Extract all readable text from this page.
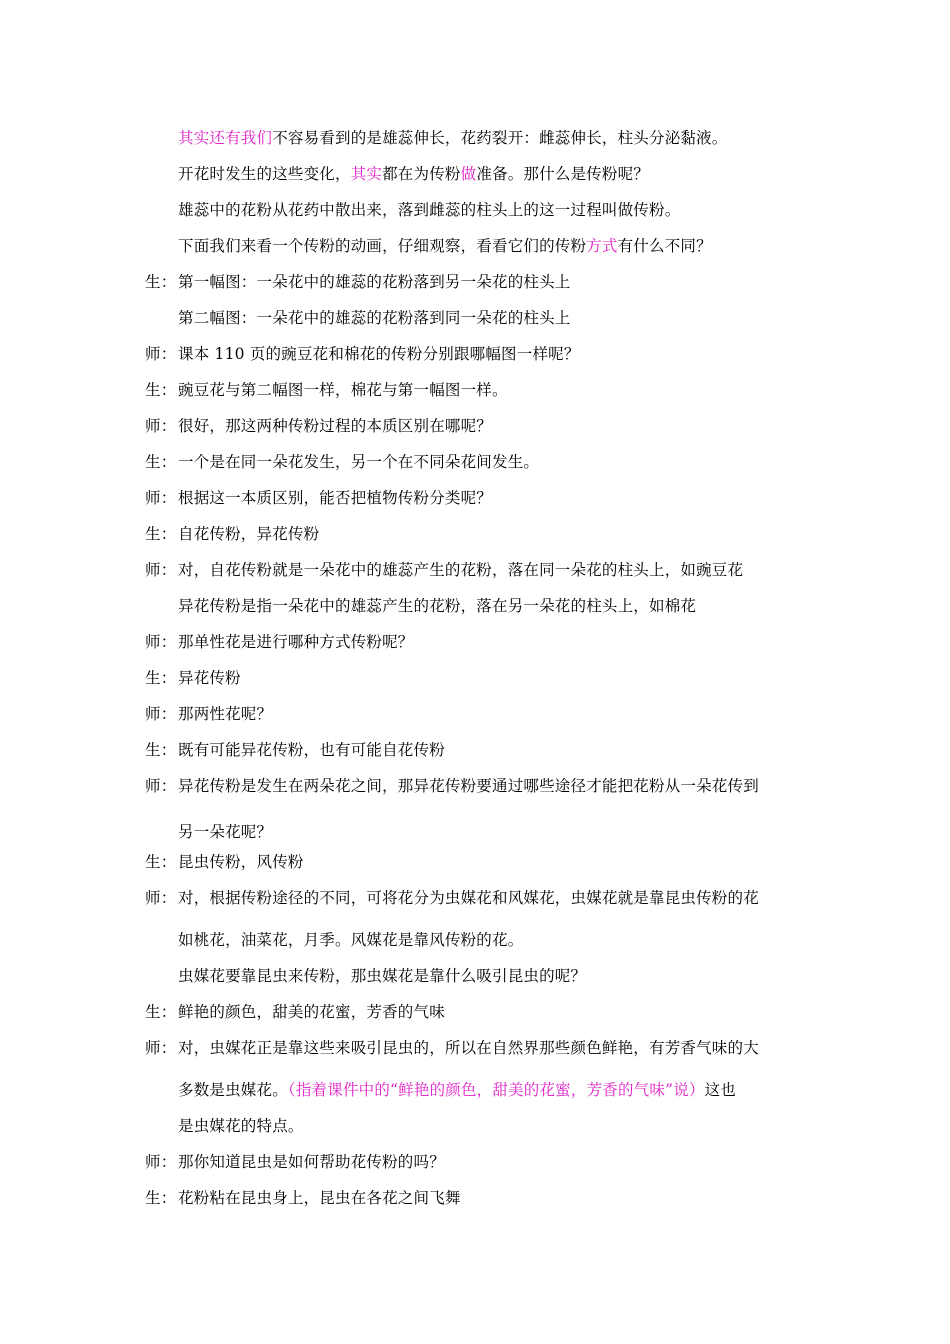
其实还有我们不容易看到的是雄蕊伸长，花药裂开：雌蕊伸长，柱头分泌黏液。
开花时发生的这些变化，其实都在为传粉做准备。那什么是传粉呢？
雄蕊中的花粉从花药中散出来，落到雌蕊的柱头上的这一过程叫做传粉。
下面我们来看一个传粉的动画，仔细观察，看看它们的传粉方式有什么不同？
生： 第一幅图：一朵花中的雄蕊的花粉落到另一朵花的柱头上
第二幅图：一朵花中的雄蕊的花粉落到同一朵花的柱头上
师： 课本 110 页的豌豆花和棉花的传粉分别跟哪幅图一样呢？
生： 豌豆花与第二幅图一样，棉花与第一幅图一样。
师： 很好，那这两种传粉过程的本质区别在哪呢？
生： 一个是在同一朵花发生，另一个在不同朵花间发生。
师： 根据这一本质区别，能否把植物传粉分类呢？
生： 自花传粉，异花传粉
师： 对，自花传粉就是一朵花中的雄蕊产生的花粉，落在同一朵花的柱头上，如豌豆花
异花传粉是指一朵花中的雄蕊产生的花粉，落在另一朵花的柱头上，如棉花
师： 那单性花是进行哪种方式传粉呢？
生： 异花传粉
师： 那两性花呢？
生： 既有可能异花传粉，也有可能自花传粉
师： 异花传粉是发生在两朵花之间，那异花传粉要通过哪些途径才能把花粉从一朵花传到
另一朵花呢？
生： 昆虫传粉，风传粉
师： 对，根据传粉途径的不同，可将花分为虫媒花和风媒花，虫媒花就是靠昆虫传粉的花
如桃花，油菜花，月季。风媒花是靠风传粉的花。
虫媒花要靠昆虫来传粉，那虫媒花是靠什么吸引昆虫的呢？
生： 鲜艳的颜色，甜美的花蜜，芳香的气味
师： 对，虫媒花正是靠这些来吸引昆虫的，所以在自然界那些颜色鲜艳，有芳香气味的大
多数是虫媒花。（指着课件中的“鲜艳的颜色，甜美的花蜜，芳香的气味”说）这也
是虫媒花的特点。
师： 那你知道昆虫是如何帮助花传粉的吗？
生： 花粉粘在昆虫身上，昆虫在各花之间飞舞
